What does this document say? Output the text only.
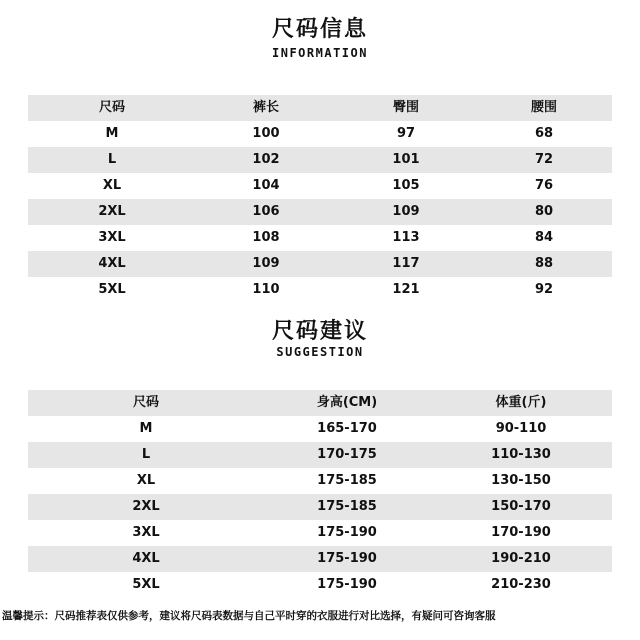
尺码信息
INFORMATION
尺码	裤长	臀围	腰围
M	100	97	68
L	102	101	72
XL	104	105	76
2XL	106	109	80
3XL	108	113	84
4XL	109	117	88
5XL	110	121	92
尺码建议
SUGGESTION
尺码	身高(CM)	体重(斤)
M	165-170	90-110
L	170-175	110-130
XL	175-185	130-150
2XL	175-185	150-170
3XL	175-190	170-190
4XL	175-190	190-210
5XL	175-190	210-230
温馨提示：尺码推荐表仅供参考，建议将尺码表数据与自己平时穿的衣服进行对比选择，有疑问可咨询客服
